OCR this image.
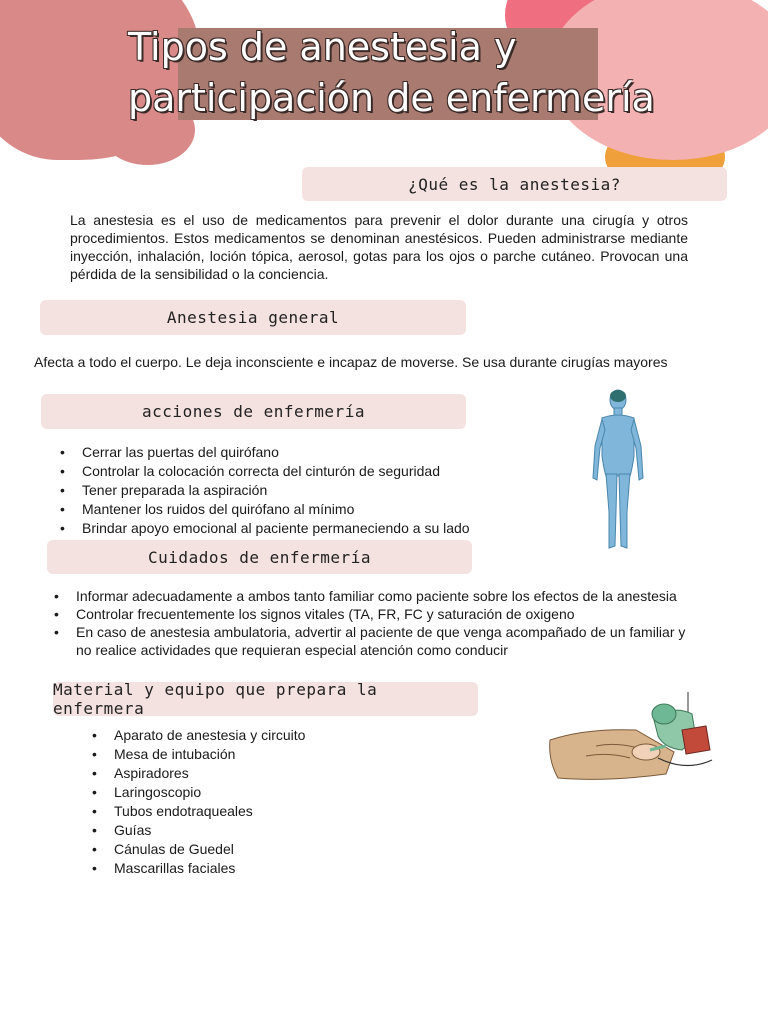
Tipos de anestesia y
participación de enfermería
¿Qué es la anestesia?
La anestesia es el uso de medicamentos para prevenir el dolor durante una cirugía y otros procedimientos. Estos medicamentos se denominan anestésicos. Pueden administrarse mediante inyección, inhalación, loción tópica, aerosol, gotas para los ojos o parche cutáneo. Provocan una pérdida de la sensibilidad o la conciencia.
Anestesia general
Afecta a todo el cuerpo. Le deja inconsciente e incapaz de moverse. Se usa durante cirugías mayores
acciones de enfermería
• Cerrar las puertas del quirófano
• Controlar la colocación correcta del cinturón de seguridad
• Tener preparada la aspiración
• Mantener los ruidos del quirófano al mínimo
• Brindar apoyo emocional al paciente permaneciendo a su lado
Cuidados de enfermería
• Informar adecuadamente a ambos tanto familiar como paciente sobre los efectos de la anestesia
• Controlar frecuentemente los signos vitales (TA, FR, FC y saturación de oxigeno
• En caso de anestesia ambulatoria, advertir al paciente de que venga acompañado de un familiar y no realice actividades que requieran especial atención como conducir
Material y equipo que prepara la enfermera
• Aparato de anestesia y circuito
• Mesa de intubación
• Aspiradores
• Laringoscopio
• Tubos endotraqueales
• Guías
• Cánulas de Guedel
• Mascarillas faciales
